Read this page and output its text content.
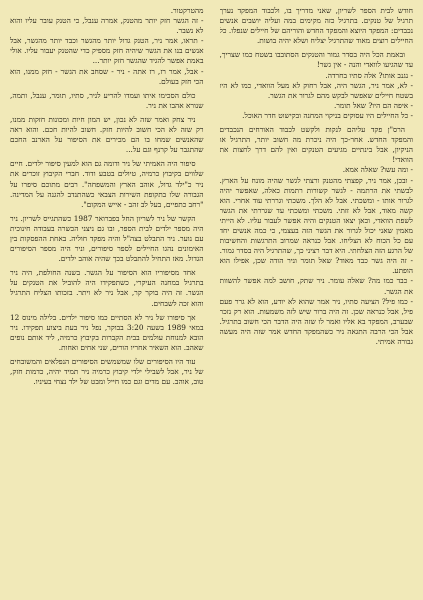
חודש לבית הספר לשריון, שאני מדריך בו, ולכבוד המפקד נערך תרגיל של טנקים. בתרגיל כזה מקימים במה ועליה יושבים אנשים נכבדים: המפקד היוצא והמפקד החדש והוריהם של חיילים שנפלו. כל החיילים רוצים מאוד שהתרגיל יצליח ושלא יהיה בושות.

ובאמת הכל היה בסדר גמור והטנקים הסתובבו בשטח כמו שצריך, עד שהגיעו לוואדי והנה - אין גשר!

- נגנב אותו? אלה סתיו בחרדה.

- לא, אמר ניר, הגשר היה, אבל רחוק לא מעל הוואדי, כמו לא היו בשטח חיילים שאפשר לבקש מהם לגרור את הגשר.

- איפה הם היו? שאל תומר.

- כל החיילים היו עסוקים בניקוי המחנה ובקישוט חדר האוכל.

הרס"ן פקד עליהם לנקות ולקשט לכבוד האורחים הנכבדים והמפקד החדש. אחר-כך היה ניכרת מה חשוב יותר, התרגיל או הניקיון, אבל בינתיים מגיעים הטנקים ואין להם דרך לחצות את הוואדי!

- ומה עשו? שאלה אמא.

- ובכן, אמר ניר, קפצתי מהטנק ורצתי לגשר שהיה מונח על הארץ. לבשתי את הרתמה - לגשר קשורות רתמות כאלה, שאפשר יהיה לגרור אותו - ומשכתי. אבל לא הלך. משכתי וגררתי עוד אחרי. הוא קשה מאוד, אבל לא זזתי. משכתי ומשכתי עד שגררתי את הגשר לשפת הוואדי, וכאן יצאו הטנקים והיה אפשר לעבור עליו. לא הייתי מאמין שאני יכול לגרור את הגשר הזה בעצמי, כי כמה אנשים יחד עם כל הכוח לא הצליחו. אבל כנראה שמרוב התרגשות והחשיבות של הרגע הזה הצלחתי. היא דבר רציני כך, שהתרגיל היה בסדר גמור.

- זה היה גשר כבד מאוד? שאל תומר וניר הודה שכן, אפילו הוא הופתע.

- כבד כמו מה? שאלה עומר. ניר שתק, חושב למה אפשר להשוות את הגשר.

- כמו פיל? הציעה סתיו, ניר אמר שהוא לא יודע, הוא לא גרר פעם פיל, אבל כנראה שכן. זה היה ברור שיש לזה משמעות. הוא רק נזכר שבערב, המפקד בא אליו ואמר לו שזה היה הדבר הכי חשוב בתרגיל. אבל הכי הרבה התגאה ניר כשהמפקד החדש אמר שזה היה מעשה גבורה אמיתי.

מהטרקטור.

- זה הגשר חזק יותר מהטנק, אמרה ענבל, כי הטנק עובר עליו והוא לא נשבר.

- תראו, אמר ניר, הטנק גדול יותר מהגשר וכבד יותר מהגשר, אבל אנשים בנו את הגשר שיהיה חזק מספיק כדי שהטנק יעבור עליו. אולי באמת אפשר להגיד שהגשר חזק יותר...

- אבל, אמר רז, רז אתה - ניר - שסחב את הגשר - חזק ממנו, הוא הכי חזק בעולם.

כולם הסכימו איתו ועמדו להריע לניר, סתיו, תומר, ענבל, ותמה, שנורא אהבו את ניר.

ניר צחק ואמר שזה לא נכון, יש המון חיות ומכונות חזקות ממנו, רק שזה לא הכי חשוב להיות חזק. חשוב להיות חכם. והוא ראה שהאנשים שמחו בו הם מכירים את הסיפור על הארנב החכם שהתגבר על קרנף וגם על...

סיפור היה האמיתי של ניר ודומה גם הוא למעין סיפור ילדים. חיים שלווים בקיבוץ כרמיה, טיולים בטבע ודוד. חברי הקיבוץ זוכרים את ניר כ"ילד גדול, אוהב הארץ והמשפחה". רבים מתוכם סיפרו על הגבורה שלו בתקופת השירות הצבאי כשהתנדב להגנה על המדינה. "רחב כתפיים, בעל לב זהב - אייש המקום".

הקשר של ניר לשריון החל בפברואר 1987 כשהתגייס לשריון. ניר היה מספר ילדים לבית הספר, ובו גם ניצני הכשרה בעבודה חינוכית עם נוער. ניר התבלט בצה"ל והיה מפקד חוליה. באחת ההפסקות בין האימונים נהגו החיילים לספר סיפורים, וניר היה מספר הסיפורים הגדול. מאז התחיל להתבלט בכך שהיה אוהב ילדים.

אחד מסיפוריו הוא הסיפור על הגשר. בשנה החולפת, היה ניר בתרגיל במחנה העיקרי, כשתפקידו היה להוביל את הטנקים על הגשר. זה היה בוקר קר, אבל ניר לא ויתר. בזכותו הצליח התרגיל והוא זכה לשבחים.

אך סיפורו של ניר לא הסתיים כמו סיפור ילדים. בלילה מינוס 12 במאי 1989 בשעה 3:20 בבוקר, נפל ניר בעת ביצוע תפקידו. ניר הובא למנוחת עולמים בבית הקברות בקיבוץ כרמיה, ליד אותם נופים שאהב. הוא השאיר אחריו הורים, שני אחים ואחות.

עוד היו הסיפורים שלו שמשמשים הסיפורים הנפלאים והמשובחים של ניר, אבל לשבילי ילדי קיבוץ כרמיה ניר תמיד יהיה, כדמות חזק, טוב, אוהב. עם מדים וגם כמו חייל ומבט של ילד נצחי בעיניו.
